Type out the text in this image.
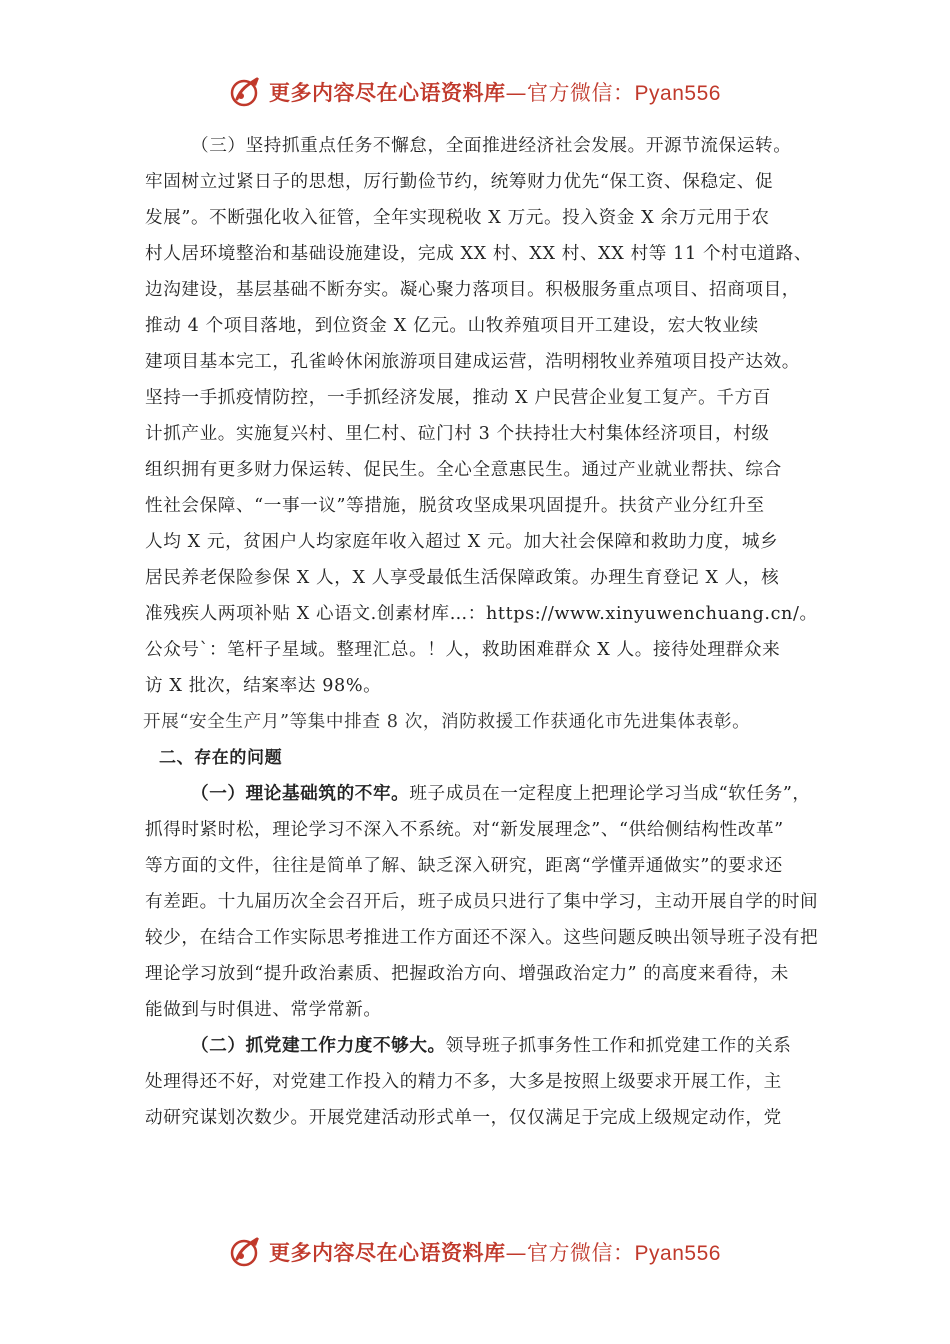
更多内容尽在心语资料库—官方微信：Pyan556
（三）坚持抓重点任务不懈怠，全面推进经济社会发展。开源节流保运转。
牢固树立过紧日子的思想，厉行勤俭节约，统筹财力优先“保工资、保稳定、促
发展”。不断强化收入征管，全年实现税收 X 万元。投入资金 X 余万元用于农
村人居环境整治和基础设施建设，完成 XX 村、XX 村、XX 村等 11 个村屯道路、
边沟建设，基层基础不断夯实。凝心聚力落项目。积极服务重点项目、招商项目，
推动 4 个项目落地，到位资金 X 亿元。山牧养殖项目开工建设，宏大牧业续
建项目基本完工，孔雀岭休闲旅游项目建成运营，浩明栩牧业养殖项目投产达效。
坚持一手抓疫情防控，一手抓经济发展，推动 X 户民营企业复工复产。千方百
计抓产业。实施复兴村、里仁村、砬门村 3 个扶持壮大村集体经济项目，村级
组织拥有更多财力保运转、促民生。全心全意惠民生。通过产业就业帮扶、综合
性社会保障、“一事一议”等措施，脱贫攻坚成果巩固提升。扶贫产业分红升至
人均 X 元，贫困户人均家庭年收入超过 X 元。加大社会保障和救助力度，城乡
居民养老保险参保 X 人，X 人享受最低生活保障政策。办理生育登记 X 人，核
准残疾人两项补贴 X 心语文.创素材库…：https://www.xinyuwenchuang.cn/。
公众号`：笔杆子星域。整理汇总。！人，救助困难群众 X 人。接待处理群众来
访 X 批次，结案率达 98%。
开展“安全生产月”等集中排查 8 次，消防救援工作获通化市先进集体表彰。
二、存在的问题
（一）理论基础筑的不牢。班子成员在一定程度上把理论学习当成“软任务”，
抓得时紧时松，理论学习不深入不系统。对“新发展理念”、“供给侧结构性改革”
等方面的文件，往往是简单了解、缺乏深入研究，距离“学懂弄通做实”的要求还
有差距。十九届历次全会召开后，班子成员只进行了集中学习，主动开展自学的时间
较少，在结合工作实际思考推进工作方面还不深入。这些问题反映出领导班子没有把
理论学习放到“提升政治素质、把握政治方向、增强政治定力” 的高度来看待，未
能做到与时俱进、常学常新。
（二）抓党建工作力度不够大。领导班子抓事务性工作和抓党建工作的关系
处理得还不好，对党建工作投入的精力不多，大多是按照上级要求开展工作，主
动研究谋划次数少。开展党建活动形式单一，仅仅满足于完成上级规定动作，党
更多内容尽在心语资料库—官方微信：Pyan556
